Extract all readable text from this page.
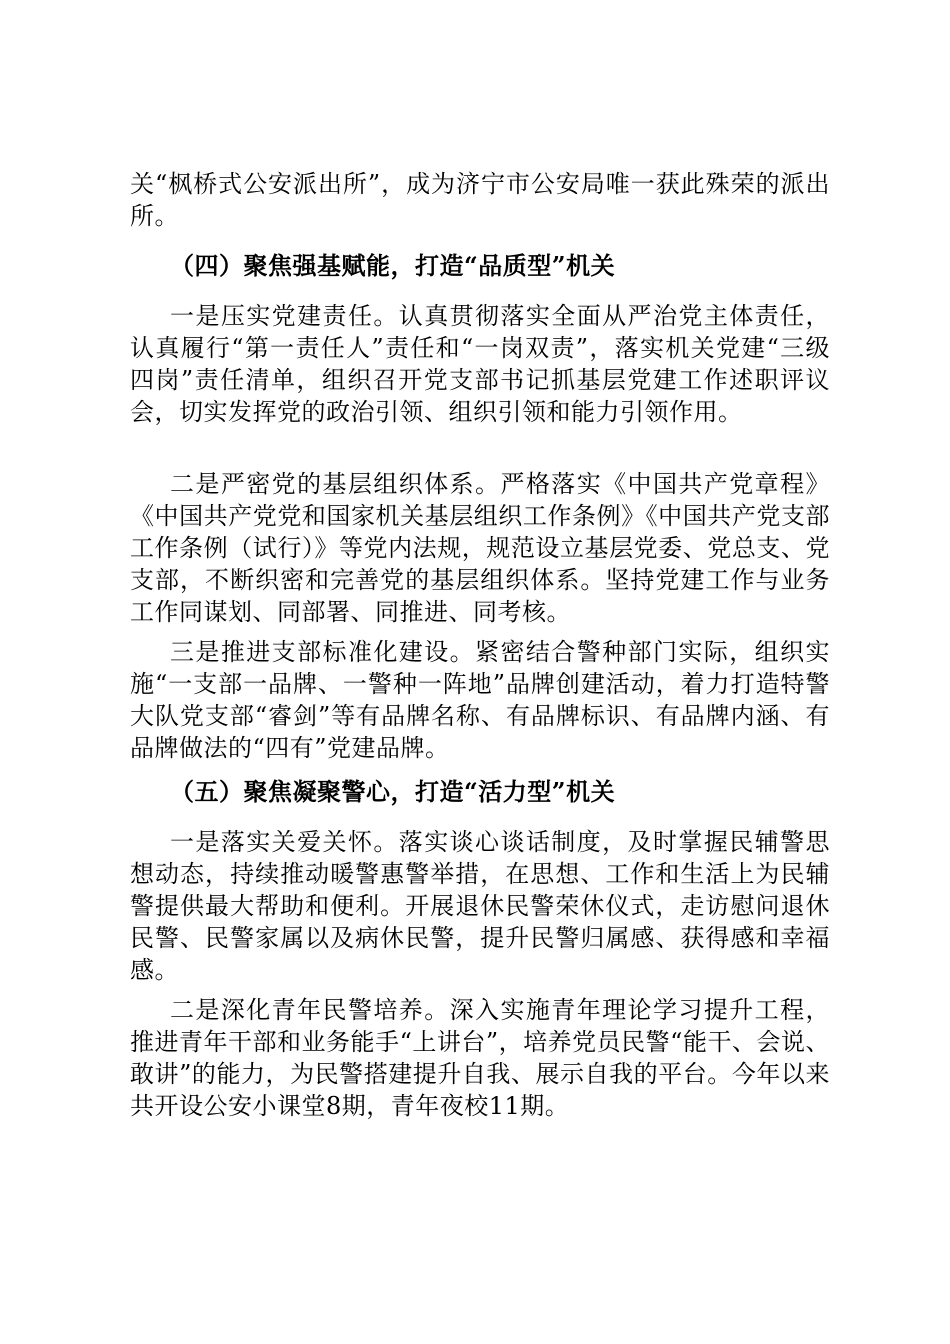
关“枫桥式公安派出所”，成为济宁市公安局唯一获此殊荣的派出所。

（四）聚焦强基赋能，打造“品质型”机关

一是压实党建责任。认真贯彻落实全面从严治党主体责任，认真履行“第一责任人”责任和“一岗双责”，落实机关党建“三级四岗”责任清单，组织召开党支部书记抓基层党建工作述职评议会，切实发挥党的政治引领、组织引领和能力引领作用。

二是严密党的基层组织体系。严格落实《中国共产党章程》《中国共产党党和国家机关基层组织工作条例》《中国共产党支部工作条例（试行）》等党内法规，规范设立基层党委、党总支、党支部，不断织密和完善党的基层组织体系。坚持党建工作与业务工作同谋划、同部署、同推进、同考核。

三是推进支部标准化建设。紧密结合警种部门实际，组织实施“一支部一品牌、一警种一阵地”品牌创建活动，着力打造特警大队党支部“睿剑”等有品牌名称、有品牌标识、有品牌内涵、有品牌做法的“四有”党建品牌。

（五）聚焦凝聚警心，打造“活力型”机关

一是落实关爱关怀。落实谈心谈话制度，及时掌握民辅警思想动态，持续推动暖警惠警举措，在思想、工作和生活上为民辅警提供最大帮助和便利。开展退休民警荣休仪式，走访慰问退休民警、民警家属以及病休民警，提升民警归属感、获得感和幸福感。

二是深化青年民警培养。深入实施青年理论学习提升工程，推进青年干部和业务能手“上讲台”，培养党员民警“能干、会说、敢讲”的能力，为民警搭建提升自我、展示自我的平台。今年以来共开设公安小课堂8期，青年夜校11期。
